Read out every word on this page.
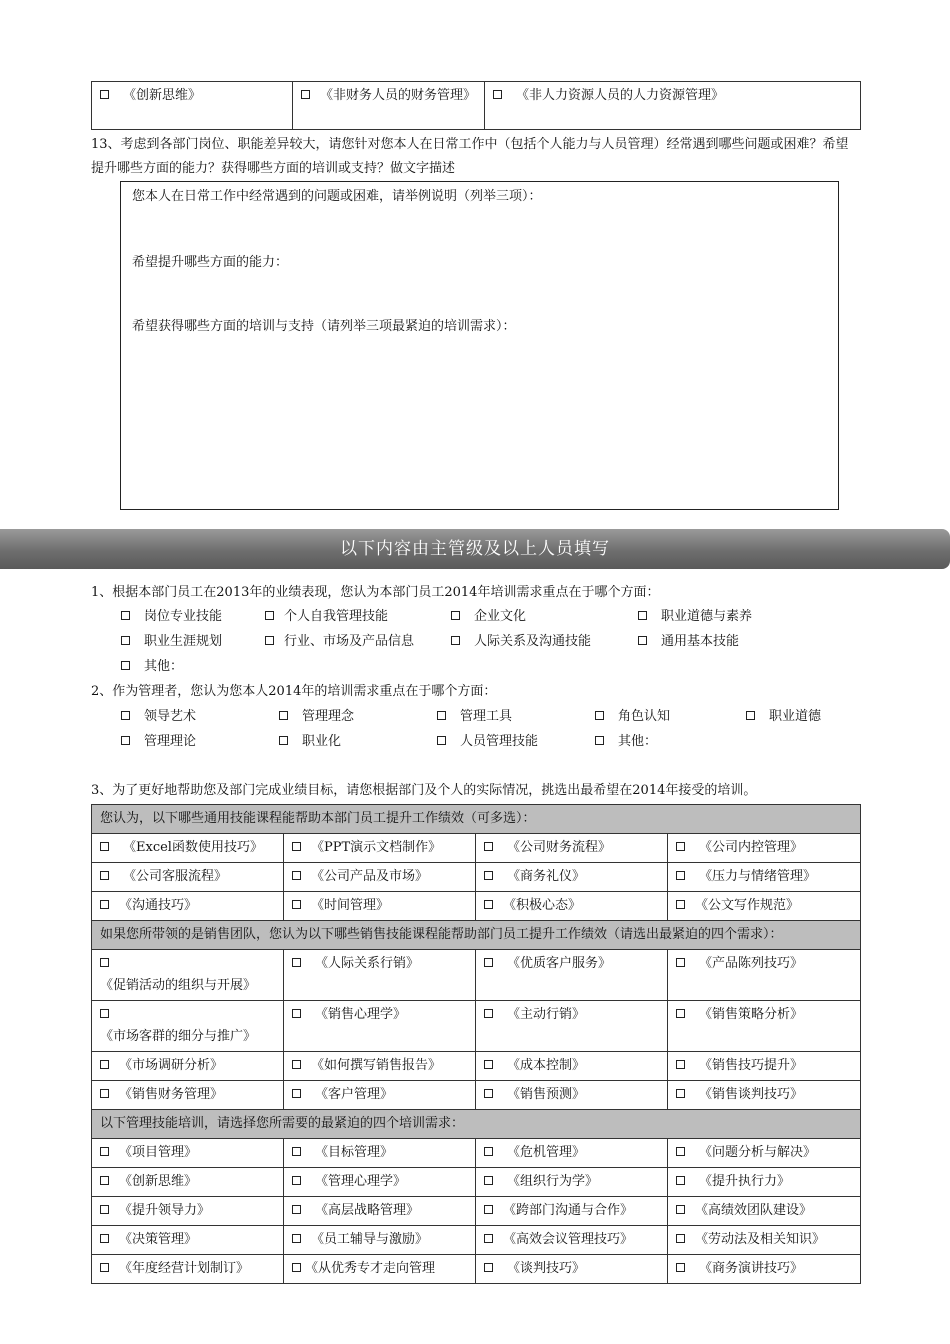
《创新思维》	《非财务人员的财务管理》	《非人力资源人员的人力资源管理》
13、考虑到各部门岗位、职能差异较大，请您针对您本人在日常工作中（包括个人能力与人员管理）经常遇到哪些问题或困难？希望提升哪些方面的能力？获得哪些方面的培训或支持？做文字描述
您本人在日常工作中经常遇到的问题或困难，请举例说明（列举三项）：
希望提升哪些方面的能力：
希望获得哪些方面的培训与支持（请列举三项最紧迫的培训需求）：
以下内容由主管级及以上人员填写
1、根据本部门员工在2013年的业绩表现，您认为本部门员工2014年培训需求重点在于哪个方面：
岗位专业技能	个人自我管理技能	企业文化	职业道德与素养
职业生涯规划	行业、市场及产品信息	人际关系及沟通技能	通用基本技能
其他：
2、作为管理者，您认为您本人2014年的培训需求重点在于哪个方面：
领导艺术	管理理念	管理工具	角色认知	职业道德
管理理论	职业化	人员管理技能	其他：
3、为了更好地帮助您及部门完成业绩目标，请您根据部门及个人的实际情况，挑选出最希望在2014年接受的培训。
您认为，以下哪些通用技能课程能帮助本部门员工提升工作绩效（可多选）：			
《Excel函数使用技巧》	《PPT演示文档制作》	《公司财务流程》	《公司内控管理》
《公司客服流程》	《公司产品及市场》	《商务礼仪》	《压力与情绪管理》
《沟通技巧》	《时间管理》	《积极心态》	《公文写作规范》
如果您所带领的是销售团队，您认为以下哪些销售技能课程能帮助部门员工提升工作绩效（请选出最紧迫的四个需求）：			
《促销活动的组织与开展》	《人际关系行销》	《优质客户服务》	《产品陈列技巧》
《市场客群的细分与推广》	《销售心理学》	《主动行销》	《销售策略分析》
《市场调研分析》	《如何撰写销售报告》	《成本控制》	《销售技巧提升》
《销售财务管理》	《客户管理》	《销售预测》	《销售谈判技巧》
以下管理技能培训，请选择您所需要的最紧迫的四个培训需求：			
《项目管理》	《目标管理》	《危机管理》	《问题分析与解决》
《创新思维》	《管理心理学》	《组织行为学》	《提升执行力》
《提升领导力》	《高层战略管理》	《跨部门沟通与合作》	《高绩效团队建设》
《决策管理》	《员工辅导与激励》	《高效会议管理技巧》	《劳动法及相关知识》
《年度经营计划制订》	《从优秀专才走向管理	《谈判技巧》	《商务演讲技巧》
